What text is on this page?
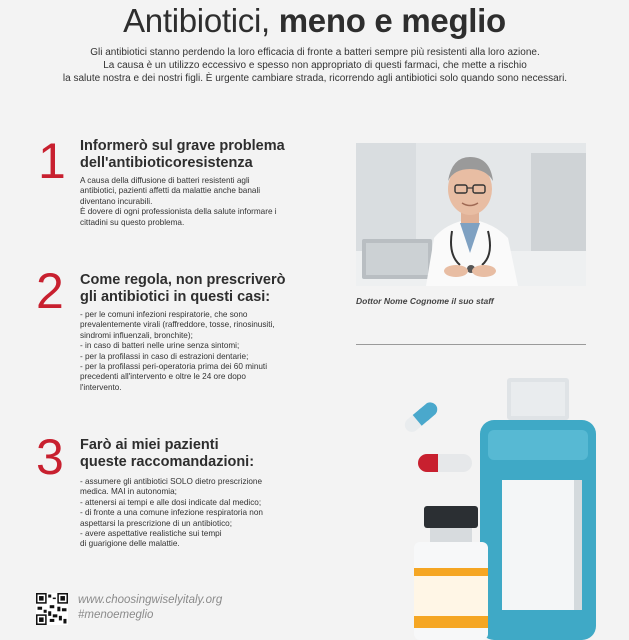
Antibiotici, meno e meglio
Gli antibiotici stanno perdendo la loro efficacia di fronte a batteri sempre più resistenti alla loro azione.
La causa è un utilizzo eccessivo e spesso non appropriato di questi farmaci, che mette a rischio
la salute nostra e dei nostri figli. È urgente cambiare strada, ricorrendo agli antibiotici solo quando sono necessari.
1 Informerò sul grave problema
dell'antibioticoresistenza
A causa della diffusione di batteri resistenti agli
antibiotici, pazienti affetti da malattie anche banali
diventano incurabili.
È dovere di ogni professionista della salute informare i
cittadini su questo problema.
2 Come regola, non prescriverò
gli antibiotici in questi casi:
- per le comuni infezioni respiratorie, che sono
prevalentemente virali (raffreddore, tosse, rinosinusiti,
sindromi influenzali, bronchite);
- in caso di batteri nelle urine senza sintomi;
- per la profilassi in caso di estrazioni dentarie;
- per la profilassi peri-operatoria prima dei 60 minuti
precedenti all'intervento e oltre le 24 ore dopo
l'intervento.
3 Farò ai miei pazienti
queste raccomandazioni:
- assumere gli antibiotici SOLO dietro prescrizione
medica. MAI in autonomia;
- attenersi ai tempi e alle dosi indicate dal medico;
- di fronte a una comune infezione respiratoria non
aspettarsi la prescrizione di un antibiotico;
- avere aspettative realistiche sui tempi
di guarigione delle malattie.
Dottor Nome Cognome il suo staff
www.choosingwiselyitaly.org
#menoemeglio
